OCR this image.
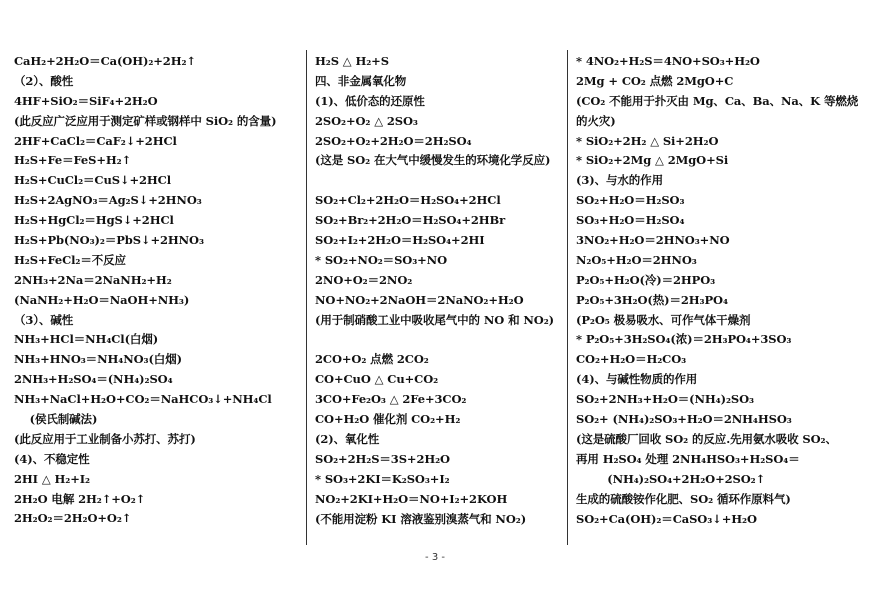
CaH₂+2H₂O＝Ca(OH)₂+2H₂↑
（2）、酸性
4HF+SiO₂＝SiF₄+2H₂O
(此反应广泛应用于测定矿样或钢样中 SiO₂ 的含量)
2HF+CaCl₂＝CaF₂↓+2HCl
H₂S+Fe＝FeS+H₂↑
H₂S+CuCl₂＝CuS↓+2HCl
H₂S+2AgNO₃＝Ag₂S↓+2HNO₃
H₂S+HgCl₂＝HgS↓+2HCl
H₂S+Pb(NO₃)₂＝PbS↓+2HNO₃
H₂S+FeCl₂＝不反应
2NH₃+2Na＝2NaNH₂+H₂
(NaNH₂+H₂O＝NaOH+NH₃)
（3）、碱性
NH₃+HCl＝NH₄Cl(白烟)
NH₃+HNO₃＝NH₄NO₃(白烟)
2NH₃+H₂SO₄＝(NH₄)₂SO₄
NH₃+NaCl+H₂O+CO₂＝NaHCO₃↓+NH₄Cl
(侯氏制碱法)
(此反应用于工业制备小苏打、苏打)
(4)、不稳定性
2HI △ H₂+I₂
2H₂O 电解 2H₂↑+O₂↑
2H₂O₂＝2H₂O+O₂↑
H₂S △ H₂+S
四、非金属氧化物
(1)、低价态的还原性
2SO₂+O₂ △ 2SO₃
2SO₂+O₂+2H₂O＝2H₂SO₄
(这是 SO₂ 在大气中缓慢发生的环境化学反应)
SO₂+Cl₂+2H₂O＝H₂SO₄+2HCl
SO₂+Br₂+2H₂O＝H₂SO₄+2HBr
SO₂+I₂+2H₂O＝H₂SO₄+2HI
* SO₂+NO₂＝SO₃+NO
2NO+O₂＝2NO₂
NO+NO₂+2NaOH＝2NaNO₂+H₂O
(用于制硝酸工业中吸收尾气中的 NO 和 NO₂)
2CO+O₂ 点燃 2CO₂
CO+CuO △ Cu+CO₂
3CO+Fe₂O₃ △ 2Fe+3CO₂
CO+H₂O 催化剂 CO₂+H₂
(2)、氧化性
SO₂+2H₂S＝3S+2H₂O
* SO₃+2KI＝K₂SO₃+I₂
NO₂+2KI+H₂O＝NO+I₂+2KOH
(不能用淀粉 KI 溶液鉴别溴蒸气和 NO₂)
* 4NO₂+H₂S＝4NO+SO₃+H₂O
2Mg + CO₂ 点燃 2MgO+C
(CO₂ 不能用于扑灭由 Mg、Ca、Ba、Na、K 等燃烧的火灾)
* SiO₂+2H₂ △ Si+2H₂O
* SiO₂+2Mg △ 2MgO+Si
(3)、与水的作用
SO₂+H₂O＝H₂SO₃
SO₃+H₂O＝H₂SO₄
3NO₂+H₂O＝2HNO₃+NO
N₂O₅+H₂O＝2HNO₃
P₂O₅+H₂O(冷)＝2HPO₃
P₂O₅+3H₂O(热)＝2H₃PO₄
(P₂O₅ 极易吸水、可作气体干燥剂
* P₂O₅+3H₂SO₄(浓)＝2H₃PO₄+3SO₃
CO₂+H₂O＝H₂CO₃
(4)、与碱性物质的作用
SO₂+2NH₃+H₂O＝(NH₄)₂SO₃
SO₂+ (NH₄)₂SO₃+H₂O＝2NH₄HSO₃
(这是硫酸厂回收 SO₂ 的反应.先用氨水吸收 SO₂、
再用 H₂SO₄ 处理 2NH₄HSO₃+H₂SO₄＝
(NH₄)₂SO₄+2H₂O+2SO₂↑
生成的硫酸铵作化肥、SO₂ 循环作原料气)
SO₂+Ca(OH)₂＝CaSO₃↓+H₂O
- 3 -
